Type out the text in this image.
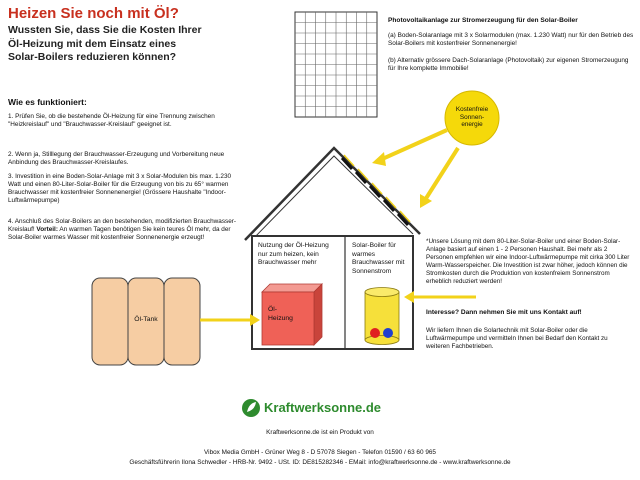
Heizen Sie noch mit Öl?
Wussten Sie, dass Sie die Kosten Ihrer
Öl-Heizung mit dem Einsatz eines
Solar-Boilers reduzieren können?
Wie es funktioniert:
1. Prüfen Sie, ob die bestehende Öl-Heizung für eine Trennung zwischen "Heizkreislauf" und "Brauchwasser-Kreislauf" geeignet ist.
2. Wenn ja, Stilllegung der Brauchwasser-Erzeugung und Vorbereitung neue Anbindung des Brauchwasser-Kreislaufes.
3. Investition in eine Boden-Solar-Anlage mit 3 x Solar-Modulen bis max. 1.230 Watt und einen 80-Liter-Solar-Boiler für die Erzeugung von bis zu 65° warmen Brauchwasser mit kostenfreier Sonnenenergie! (Grössere Haushalte "Indoor-Luftwärmepumpe)
4. Anschluß des Solar-Boilers an den bestehenden, modifizierten Brauchwasser-Kreislauf! Vorteil: An warmen Tagen benötigen Sie kein teures Öl mehr, da der Solar-Boiler warmes Wasser mit kostenfreier Sonnenenergie erzeugt!
Photovoltaikanlage zur Stromerzeugung für den Solar-Boiler
(a) Boden-Solaranlage mit 3 x Solarmodulen (max. 1.230 Watt) nur für den Betrieb des Solar-Boilers mit kostenfreier Sonnenenergie!
(b) Alternativ grössere Dach-Solaranlage (Photovoltaik) zur eigenen Stromerzeugung für Ihre komplette Immobilie!
Kostenfreie
Sonnen-
energie
Nutzung der Öl-Heizung nur zum heizen, kein Brauchwasser mehr
Solar-Boiler für warmes Brauchwasser mit Sonnenstrom
Öl-
Heizung
Öl-Tank
*Unsere Lösung mit dem 80-Liter-Solar-Boiler und einer Boden-Solar-Anlage basiert auf einen 1 - 2 Personen Haushalt. Bei mehr als 2 Personen empfehlen wir eine Indoor-Luftwärmepumpe mit cirka 300 Liter Warm-Wasserspeicher. Die Investition ist zwar höher, jedoch können die Stromkosten durch die Produktion von kostenfreiem Sonnenstrom erheblich reduziert werden!
Interesse? Dann nehmen Sie mit uns Kontakt auf!
Wir liefern Ihnen die Solartechnik mit Solar-Boiler oder die Luftwärmepumpe und vermitteln Ihnen bei Bedarf den Kontakt zu weiteren Fachbetrieben.
Kraftwerksonne.de
Kraftwerksonne.de ist ein Produkt von
Vibox Media GmbH - Grüner Weg 8 - D 57078 Siegen - Telefon 01590 / 63 60 965
Geschäftsführerin Ilona Schwedler - HRB-Nr. 9492 - USt. ID: DE815282346 - EMail: info@kraftwerksonne.de - www.kraftwerksonne.de
